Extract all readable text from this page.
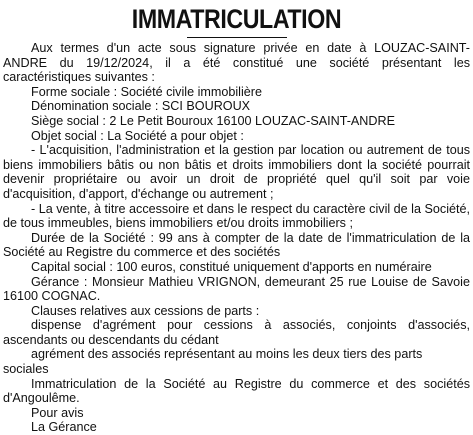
IMMATRICULATION

Aux termes d'un acte sous signature privée en date à LOUZAC-SAINT-ANDRE du 19/12/2024, il a été constitué une société présentant les caractéristiques suivantes :

Forme sociale : Société civile immobilière

Dénomination sociale : SCI BOUROUX

Siège social : 2 Le Petit Bouroux 16100 LOUZAC-SAINT-ANDRE

Objet social : La Société a pour objet :

- L'acquisition, l'administration et la gestion par location ou autrement de tous biens immobiliers bâtis ou non bâtis et droits immobiliers dont la société pourrait devenir propriétaire ou avoir un droit de propriété quel qu'il soit par voie d'acquisition, d'apport, d'échange ou autrement ;

- La vente, à titre accessoire et dans le respect du caractère civil de la Société, de tous immeubles, biens immobiliers et/ou droits immobiliers ;

Durée de la Société : 99 ans à compter de la date de l'immatriculation de la Société au Registre du commerce et des sociétés

Capital social : 100 euros, constitué uniquement d'apports en numéraire

Gérance : Monsieur Mathieu VRIGNON, demeurant 25 rue Louise de Savoie 16100 COGNAC.

Clauses relatives aux cessions de parts :

dispense d'agrément pour cessions à associés, conjoints d'associés, ascendants ou descendants du cédant

agrément des associés représentant au moins les deux tiers des parts sociales

Immatriculation de la Société au Registre du commerce et des sociétés d'Angoulême.

Pour avis

La Gérance
